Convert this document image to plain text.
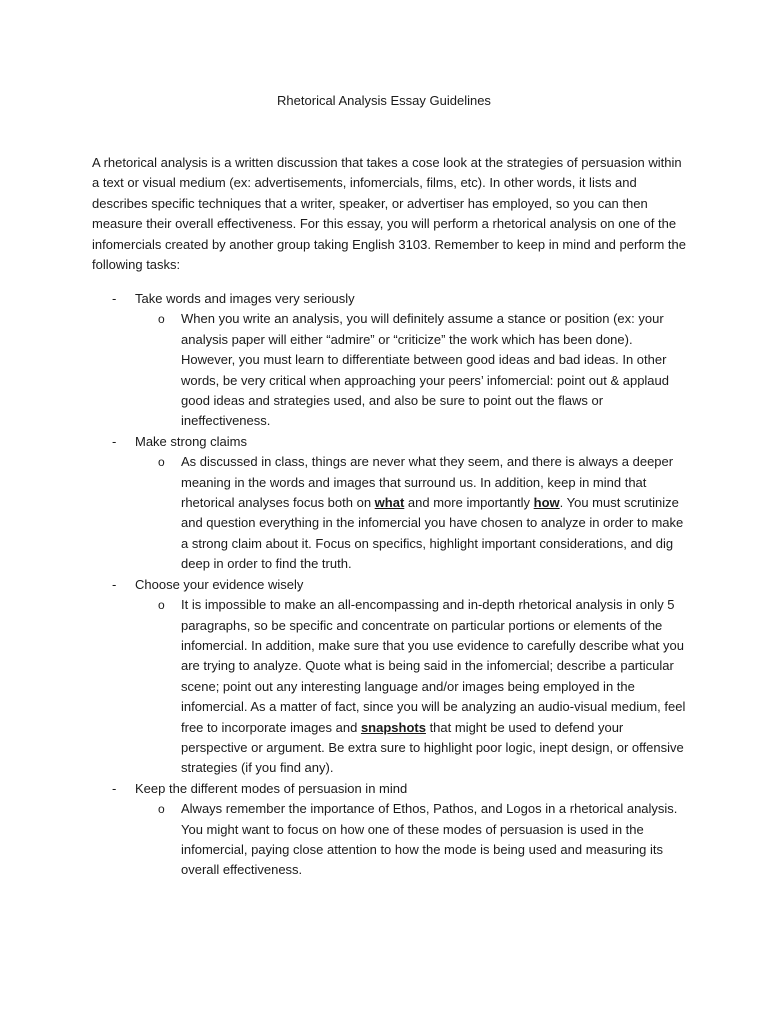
Rhetorical Analysis Essay Guidelines
A rhetorical analysis is a written discussion that takes a cose look at the strategies of persuasion within a text or visual medium (ex: advertisements, infomercials, films, etc). In other words, it lists and describes specific techniques that a writer, speaker, or advertiser has employed, so you can then measure their overall effectiveness. For this essay, you will perform a rhetorical analysis on one of the infomercials created by another group taking English 3103. Remember to keep in mind and perform the following tasks:
- Take words and images very seriously
o When you write an analysis, you will definitely assume a stance or position (ex: your analysis paper will either “admire” or “criticize” the work which has been done). However, you must learn to differentiate between good ideas and bad ideas. In other words, be very critical when approaching your peers’ infomercial: point out & applaud good ideas and strategies used, and also be sure to point out the flaws or ineffectiveness.
- Make strong claims
o As discussed in class, things are never what they seem, and there is always a deeper meaning in the words and images that surround us. In addition, keep in mind that rhetorical analyses focus both on what and more importantly how. You must scrutinize and question everything in the infomercial you have chosen to analyze in order to make a strong claim about it. Focus on specifics, highlight important considerations, and dig deep in order to find the truth.
- Choose your evidence wisely
o It is impossible to make an all-encompassing and in-depth rhetorical analysis in only 5 paragraphs, so be specific and concentrate on particular portions or elements of the infomercial. In addition, make sure that you use evidence to carefully describe what you are trying to analyze. Quote what is being said in the infomercial; describe a particular scene; point out any interesting language and/or images being employed in the infomercial. As a matter of fact, since you will be analyzing an audio-visual medium, feel free to incorporate images and snapshots that might be used to defend your perspective or argument. Be extra sure to highlight poor logic, inept design, or offensive strategies (if you find any).
- Keep the different modes of persuasion in mind
o Always remember the importance of Ethos, Pathos, and Logos in a rhetorical analysis. You might want to focus on how one of these modes of persuasion is used in the infomercial, paying close attention to how the mode is being used and measuring its overall effectiveness.
